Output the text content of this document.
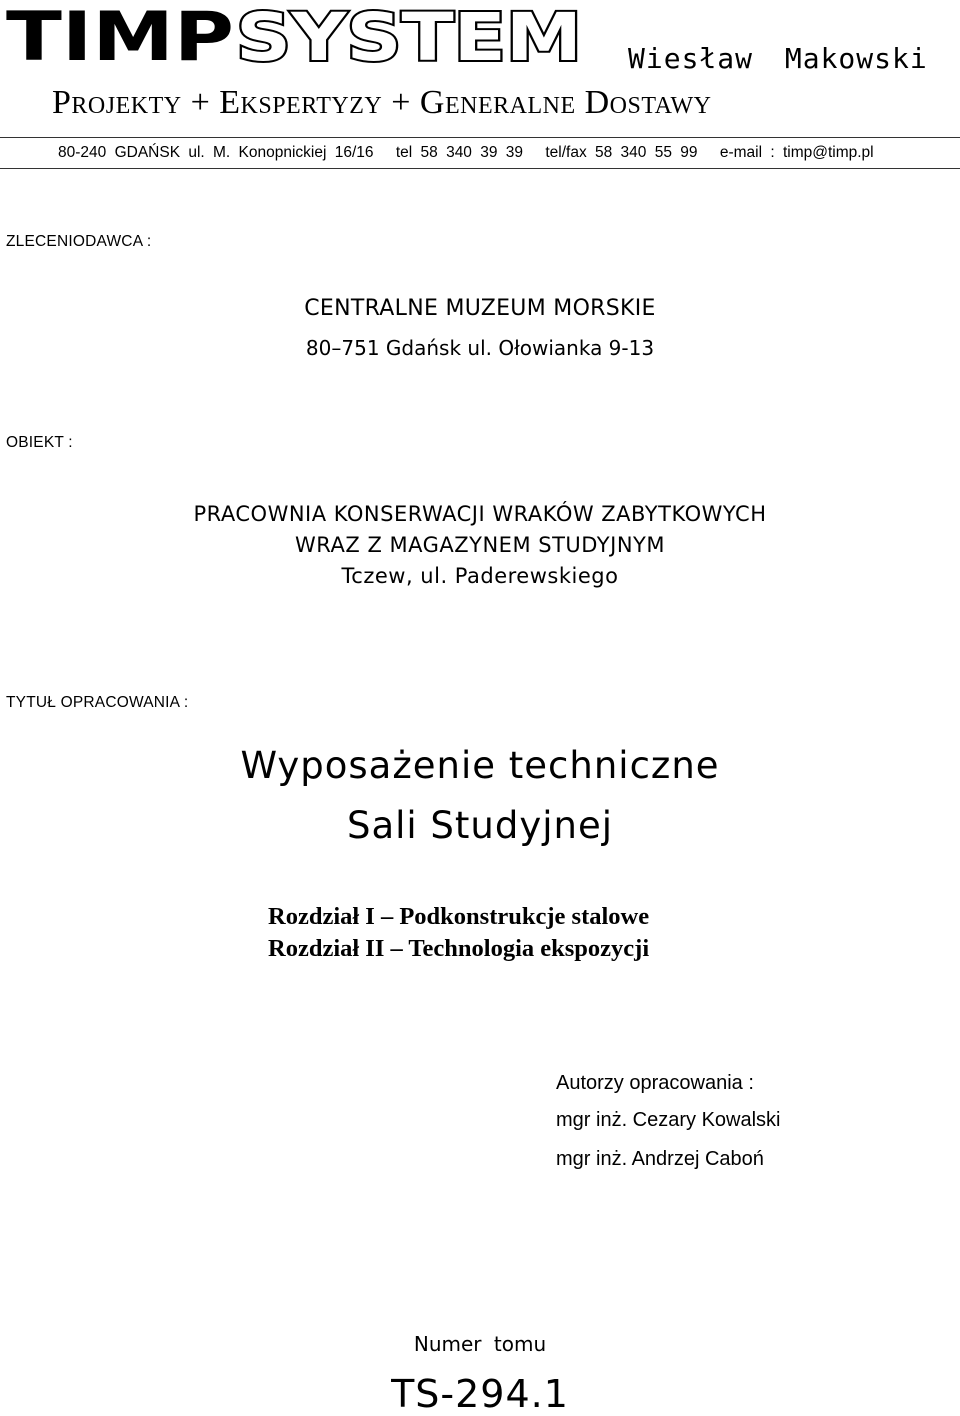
TIMP SYSTEM Wiesław Makowski
Projekty + Ekspertyzy + Generalne Dostawy
80-240 GDAŃSK ul. M. Konopnickiej 16/16 tel 58 340 39 39 tel/fax 58 340 55 99 e-mail : timp@timp.pl
ZLECENIODAWCA :
CENTRALNE MUZEUM MORSKIE
80–751 Gdańsk ul. Ołowianka 9-13
OBIEKT :
PRACOWNIA KONSERWACJI WRAKÓW ZABYTKOWYCH
WRAZ Z MAGAZYNEM STUDYJNYM
Tczew, ul. Paderewskiego
TYTUŁ OPRACOWANIA :
Wyposażenie techniczne
Sali Studyjnej
Rozdział I – Podkonstrukcje stalowe
Rozdział II – Technologia ekspozycji
Autorzy opracowania :
mgr inż. Cezary Kowalski
mgr inż. Andrzej Caboń
Numer tomu
TS-294.1
